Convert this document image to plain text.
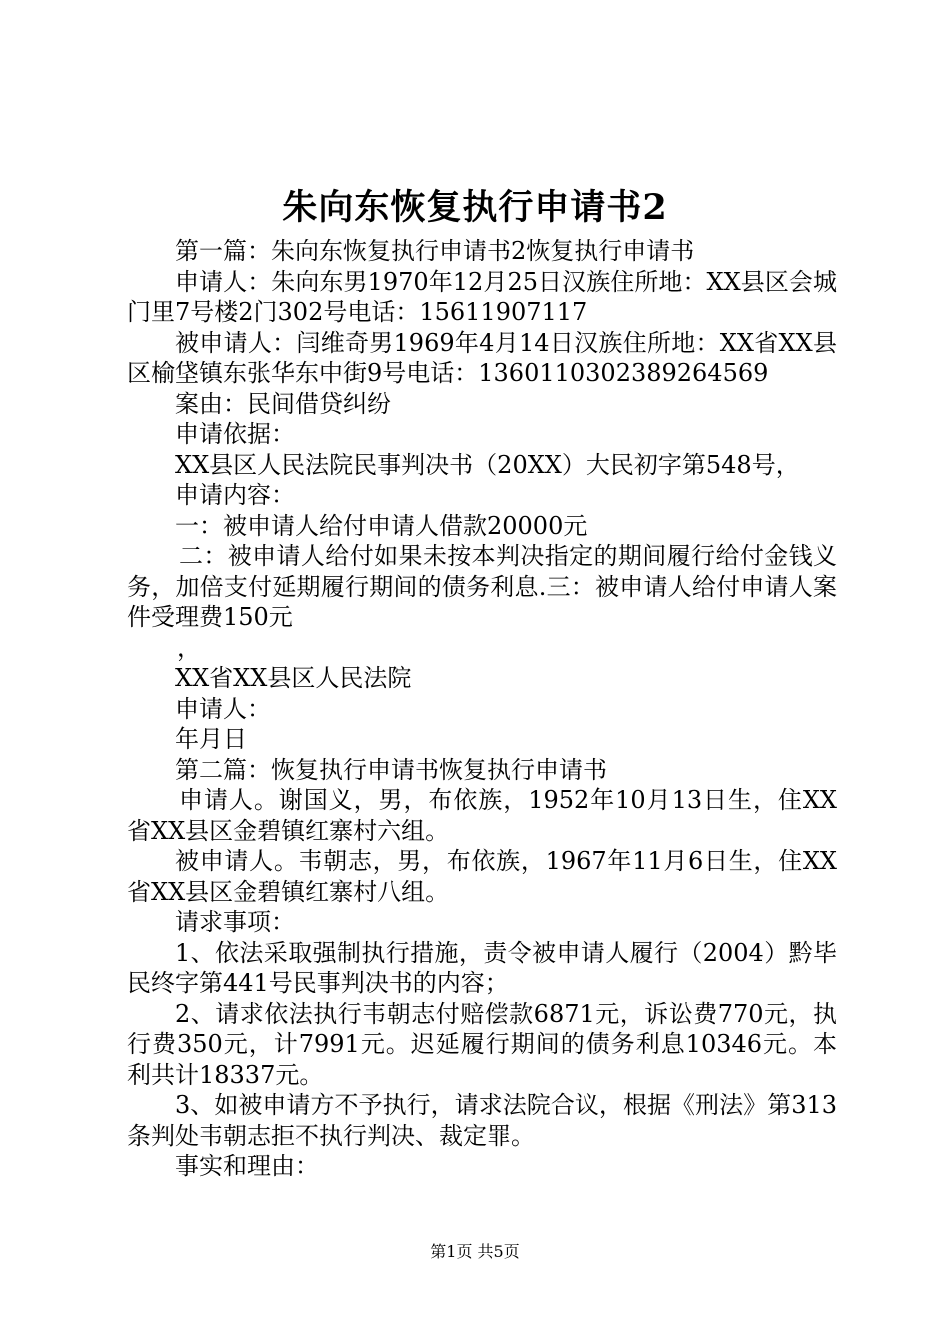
朱向东恢复执行申请书2

第一篇：朱向东恢复执行申请书2恢复执行申请书

申请人：朱向东男1970年12月25日汉族住所地：XX县区会城门里7号楼2门302号电话：15611907117

被申请人：闫维奇男1969年4月14日汉族住所地：XX省XX县区榆垡镇东张华东中街9号电话：1360110302389264569

案由：民间借贷纠纷

申请依据：

XX县区人民法院民事判决书（20XX）大民初字第548号，

申请内容：

一：被申请人给付申请人借款20000元

二：被申请人给付如果未按本判决指定的期间履行给付金钱义务，加倍支付延期履行期间的债务利息.三：被申请人给付申请人案件受理费150元

，

XX省XX县区人民法院

申请人：

年月日

第二篇：恢复执行申请书恢复执行申请书

申请人。谢国义，男，布依族，1952年10月13日生，住XX省XX县区金碧镇红寨村六组。

被申请人。韦朝志，男，布依族，1967年11月6日生，住XX省XX县区金碧镇红寨村八组。

请求事项：

1、依法采取强制执行措施，责令被申请人履行（2004）黔毕民终字第441号民事判决书的内容；

2、请求依法执行韦朝志付赔偿款6871元，诉讼费770元，执行费350元，计7991元。迟延履行期间的债务利息10346元。本利共计18337元。

3、如被申请方不予执行，请求法院合议，根据《刑法》第313条判处韦朝志拒不执行判决、裁定罪。

事实和理由：

第1页 共5页
